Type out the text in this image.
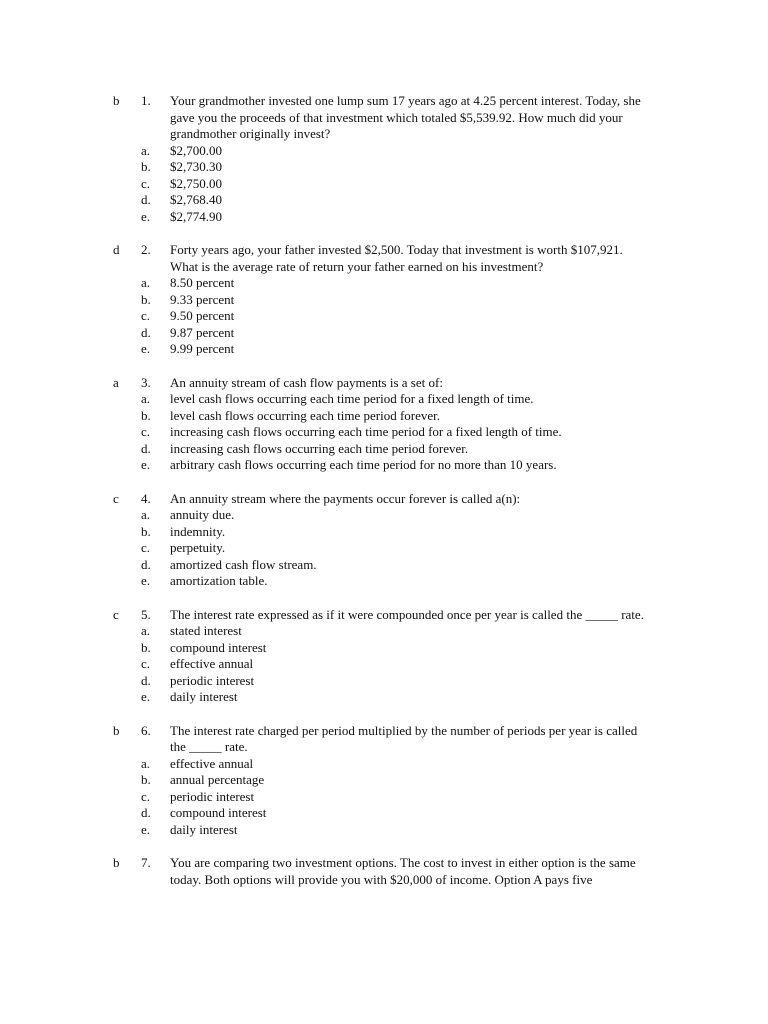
b 1. Your grandmother invested one lump sum 17 years ago at 4.25 percent interest. Today, she gave you the proceeds of that investment which totaled $5,539.92. How much did your grandmother originally invest?
a. $2,700.00
b. $2,730.30
c. $2,750.00
d. $2,768.40
e. $2,774.90
d 2. Forty years ago, your father invested $2,500. Today that investment is worth $107,921. What is the average rate of return your father earned on his investment?
a. 8.50 percent
b. 9.33 percent
c. 9.50 percent
d. 9.87 percent
e. 9.99 percent
a 3. An annuity stream of cash flow payments is a set of:
a. level cash flows occurring each time period for a fixed length of time.
b. level cash flows occurring each time period forever.
c. increasing cash flows occurring each time period for a fixed length of time.
d. increasing cash flows occurring each time period forever.
e. arbitrary cash flows occurring each time period for no more than 10 years.
c 4. An annuity stream where the payments occur forever is called a(n):
a. annuity due.
b. indemnity.
c. perpetuity.
d. amortized cash flow stream.
e. amortization table.
c 5. The interest rate expressed as if it were compounded once per year is called the _____ rate.
a. stated interest
b. compound interest
c. effective annual
d. periodic interest
e. daily interest
b 6. The interest rate charged per period multiplied by the number of periods per year is called the _____ rate.
a. effective annual
b. annual percentage
c. periodic interest
d. compound interest
e. daily interest
b 7. You are comparing two investment options. The cost to invest in either option is the same today. Both options will provide you with $20,000 of income. Option A pays five
